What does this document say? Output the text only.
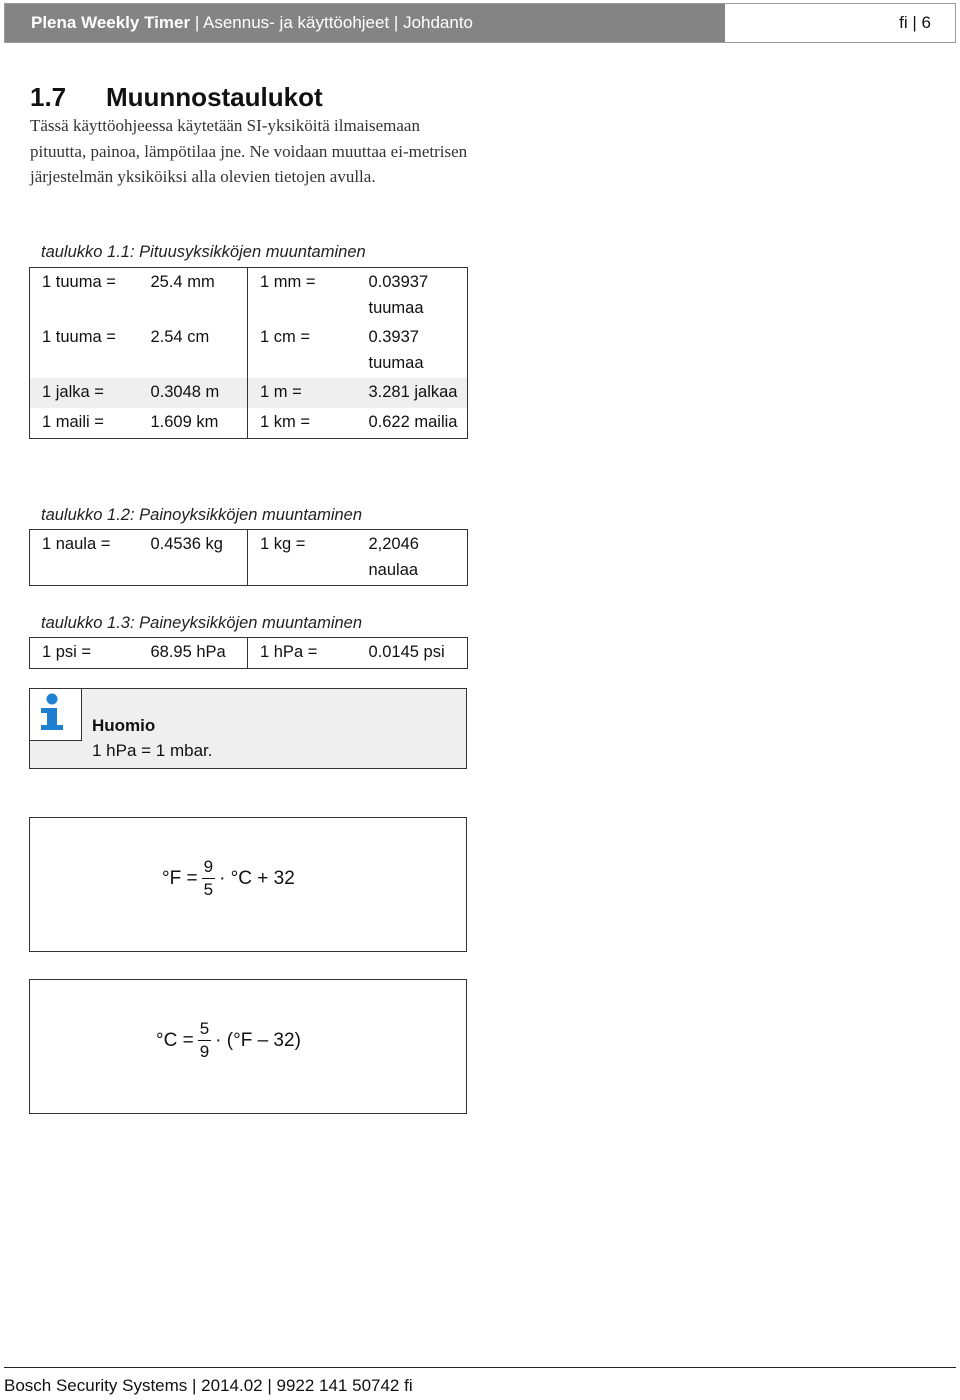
Plena Weekly Timer | Asennus- ja käyttöohjeet | Johdanto	fi | 6
1.7 Muunnostaulukot
Tässä käyttöohjeessa käytetään SI-yksiköitä ilmaisemaan pituutta, painoa, lämpötilaa jne. Ne voidaan muuttaa ei-metrisen järjestelmän yksiköiksi alla olevien tietojen avulla.
taulukko 1.1: Pituusyksikköjen muuntaminen
1 tuuma =	25.4 mm	1 mm =	0.03937 tuumaa
1 tuuma =	2.54 cm	1 cm =	0.3937 tuumaa
1 jalka =	0.3048 m	1 m =	3.281 jalkaa
1 maili =	1.609 km	1 km =	0.622 mailia
taulukko 1.2: Painoyksikköjen muuntaminen
1 naula =	0.4536 kg	1 kg =	2,2046 naulaa
taulukko 1.3: Paineyksikköjen muuntaminen
1 psi =	68.95 hPa	1 hPa =	0.0145 psi
Huomio
1 hPa = 1 mbar.
$^\circ F = \frac{9}{5} \cdot ^\circ C + 32$
$^\circ C = \frac{5}{9} \cdot (^\circ F - 32)$
Bosch Security Systems | 2014.02 | 9922 141 50742 fi
